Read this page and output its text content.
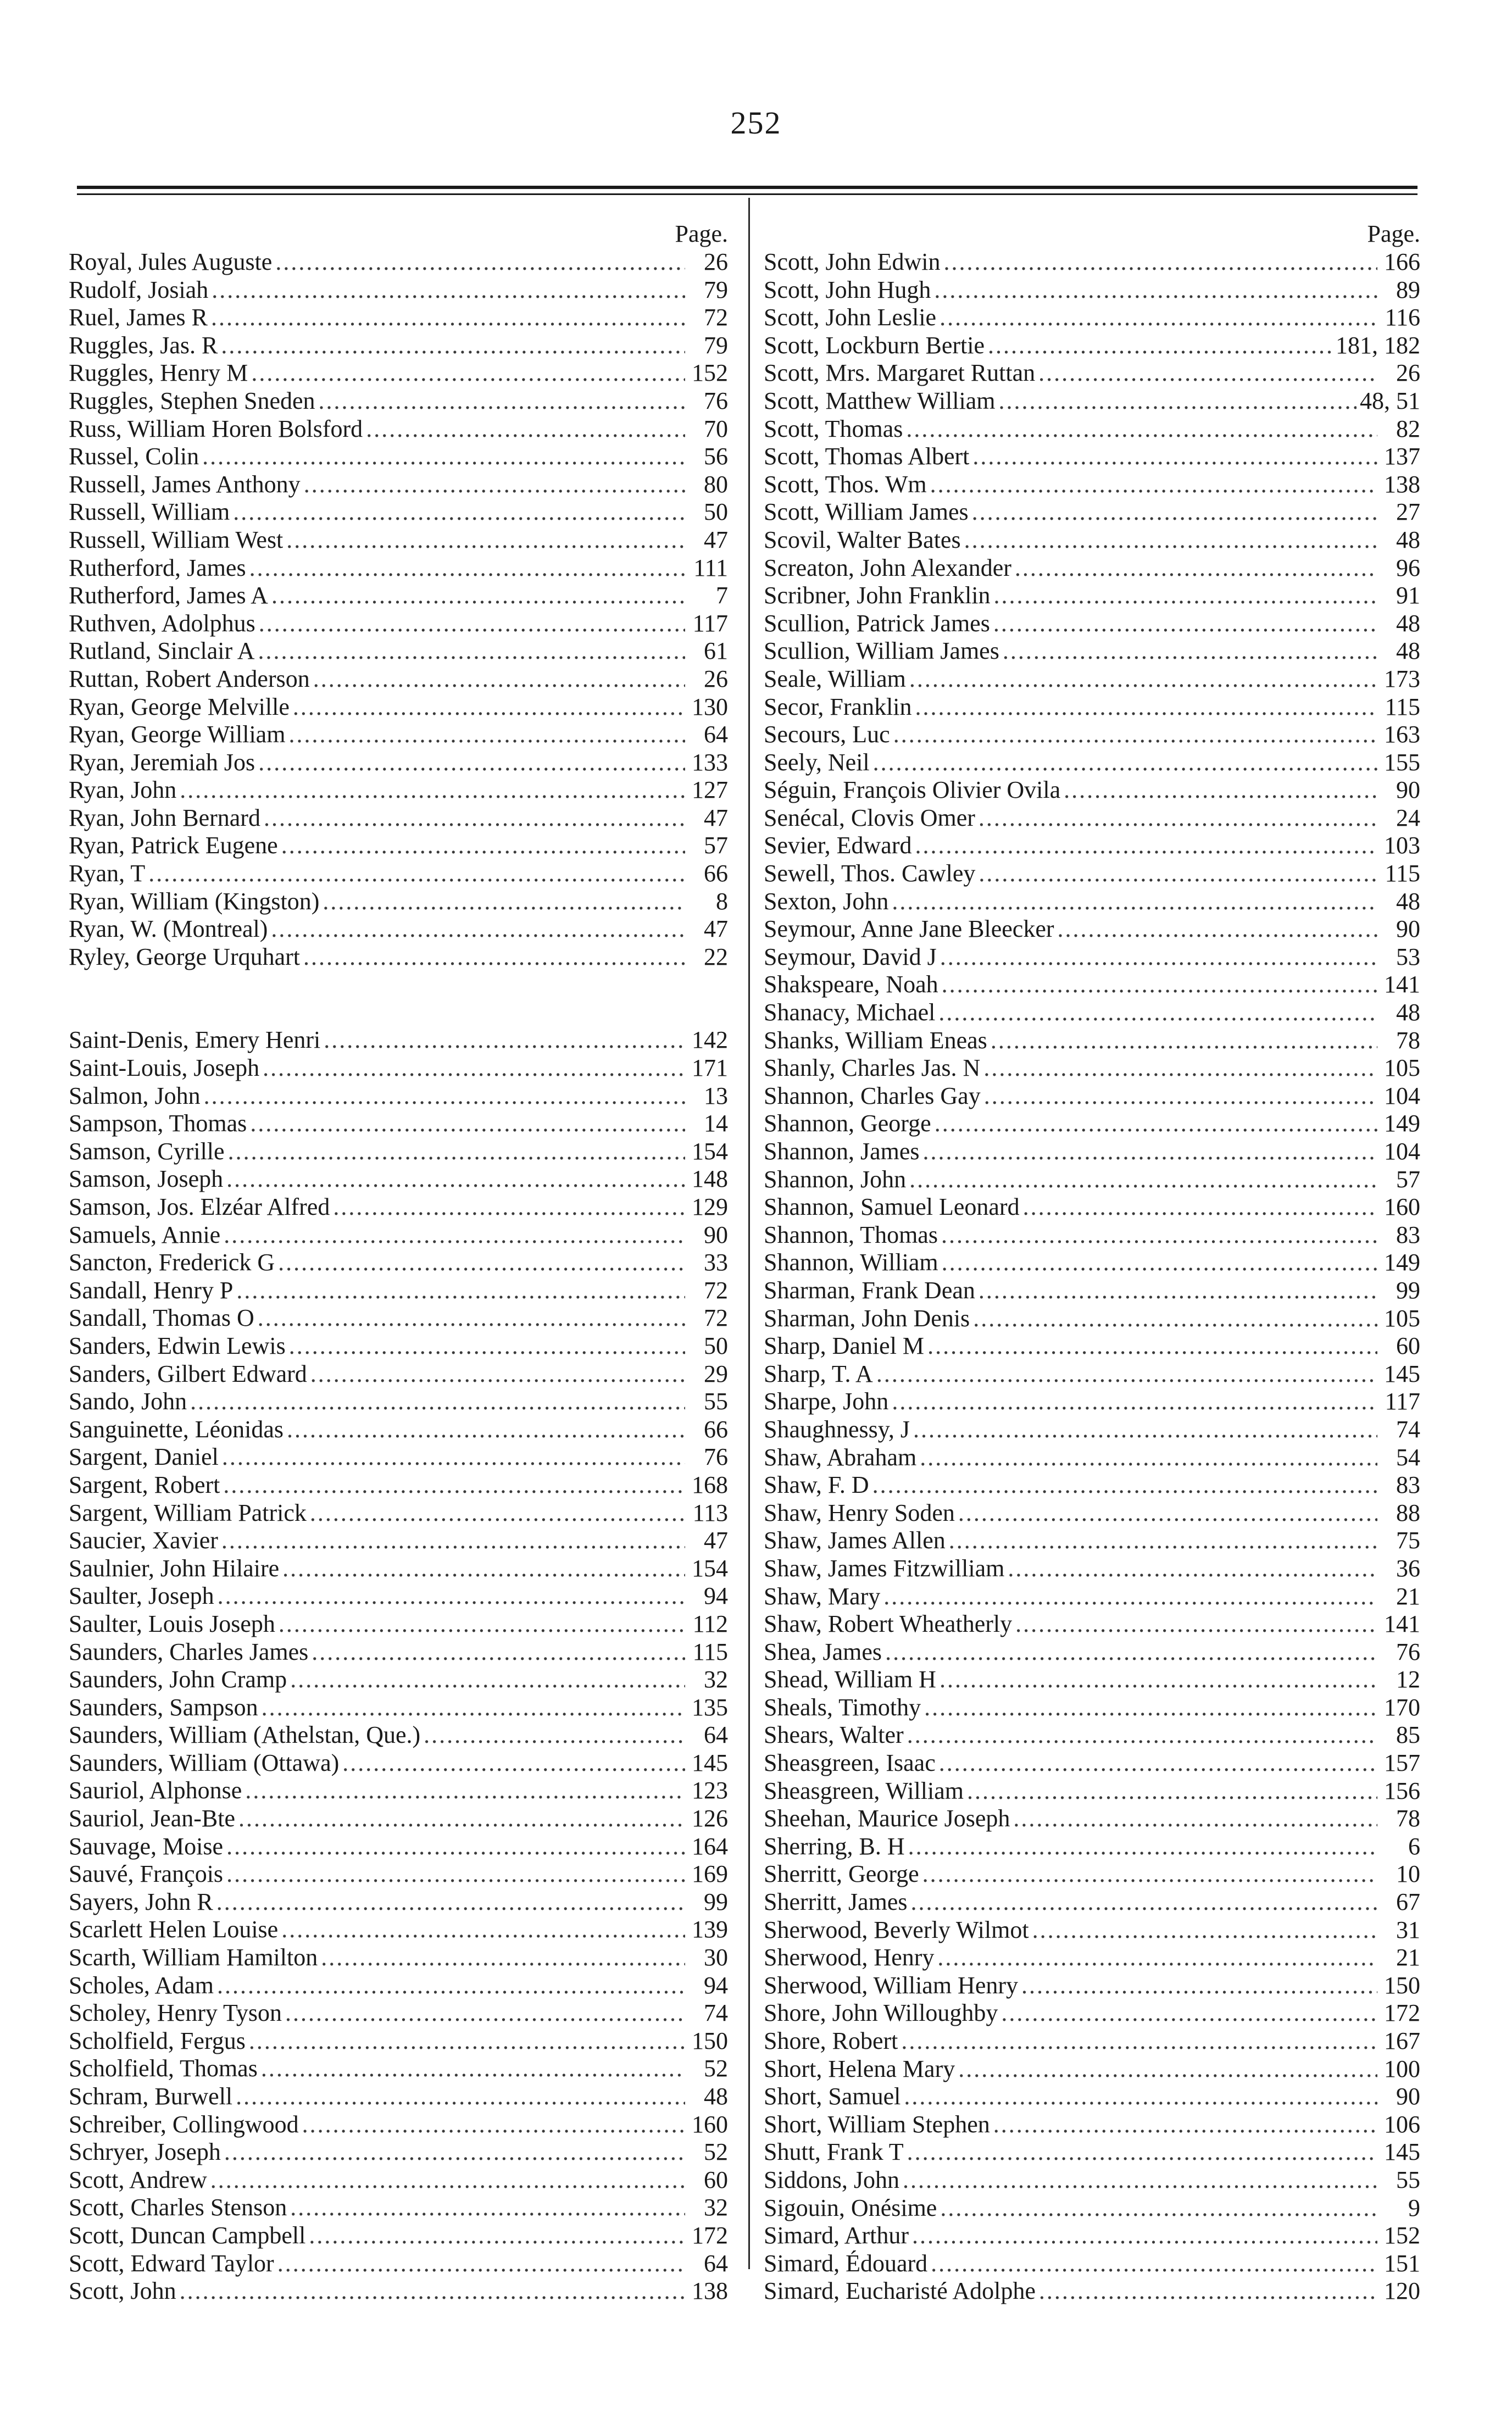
252
Page.
Royal, Jules Auguste .....	26
Rudolf, Josiah .....	79
Ruel, James R .....	72
Ruggles, Jas. R .....	79
Ruggles, Henry M .....	152
Ruggles, Stephen Sneden .....	76
Russ, William Horen Bolsford .....	70
Russel, Colin .....	56
Russell, James Anthony .....	80
Russell, William .....	50
Russell, William West .....	47
Rutherford, James .....	111
Rutherford, James A .....	7
Ruthven, Adolphus .....	117
Rutland, Sinclair A .....	61
Ruttan, Robert Anderson .....	26
Ryan, George Melville .....	130
Ryan, George William .....	64
Ryan, Jeremiah Jos .....	133
Ryan, John .....	127
Ryan, John Bernard .....	47
Ryan, Patrick Eugene .....	57
Ryan, T .....	66
Ryan, William (Kingston) .....	8
Ryan, W. (Montreal) .....	47
Ryley, George Urquhart .....	22
Saint-Denis, Emery Henri .....	142
Saint-Louis, Joseph .....	171
Salmon, John .....	13
Sampson, Thomas .....	14
Samson, Cyrille .....	154
Samson, Joseph .....	148
Samson, Jos. Elzéar Alfred .....	129
Samuels, Annie .....	90
Sancton, Frederick G .....	33
Sandall, Henry P .....	72
Sandall, Thomas O .....	72
Sanders, Edwin Lewis .....	50
Sanders, Gilbert Edward .....	29
Sando, John .....	55
Sanguinette, Léonidas .....	66
Sargent, Daniel .....	76
Sargent, Robert .....	168
Sargent, William Patrick .....	113
Saucier, Xavier .....	47
Saulnier, John Hilaire .....	154
Saulter, Joseph .....	94
Saulter, Louis Joseph .....	112
Saunders, Charles James .....	115
Saunders, John Cramp .....	32
Saunders, Sampson .....	135
Saunders, William (Athelstan, Que.) .....	64
Saunders, William (Ottawa) .....	145
Sauriol, Alphonse .....	123
Sauriol, Jean-Bte .....	126
Sauvage, Moise .....	164
Sauvé, François .....	169
Sayers, John R .....	99
Scarlett Helen Louise .....	139
Scarth, William Hamilton .....	30
Scholes, Adam .....	94
Scholey, Henry Tyson .....	74
Scholfield, Fergus .....	150
Scholfield, Thomas .....	52
Schram, Burwell .....	48
Schreiber, Collingwood .....	160
Schryer, Joseph .....	52
Scott, Andrew .....	60
Scott, Charles Stenson .....	32
Scott, Duncan Campbell .....	172
Scott, Edward Taylor .....	64
Scott, John .....	138
Page.
Scott, John Edwin .....	166
Scott, John Hugh .....	89
Scott, John Leslie .....	116
Scott, Lockburn Bertie .....	181, 182
Scott, Mrs. Margaret Ruttan .....	26
Scott, Matthew William .....	48, 51
Scott, Thomas .....	82
Scott, Thomas Albert .....	137
Scott, Thos. Wm .....	138
Scott, William James .....	27
Scovil, Walter Bates .....	48
Screaton, John Alexander .....	96
Scribner, John Franklin .....	91
Scullion, Patrick James .....	48
Scullion, William James .....	48
Seale, William .....	173
Secor, Franklin .....	115
Secours, Luc .....	163
Seely, Neil .....	155
Séguin, François Olivier Ovila .....	90
Senécal, Clovis Omer .....	24
Sevier, Edward .....	103
Sewell, Thos. Cawley .....	115
Sexton, John .....	48
Seymour, Anne Jane Bleecker .....	90
Seymour, David J .....	53
Shakspeare, Noah .....	141
Shanacy, Michael .....	48
Shanks, William Eneas .....	78
Shanly, Charles Jas. N .....	105
Shannon, Charles Gay .....	104
Shannon, George .....	149
Shannon, James .....	104
Shannon, John .....	57
Shannon, Samuel Leonard .....	160
Shannon, Thomas .....	83
Shannon, William .....	149
Sharman, Frank Dean .....	99
Sharman, John Denis .....	105
Sharp, Daniel M .....	60
Sharp, T. A .....	145
Sharpe, John .....	117
Shaughnessy, J .....	74
Shaw, Abraham .....	54
Shaw, F. D .....	83
Shaw, Henry Soden .....	88
Shaw, James Allen .....	75
Shaw, James Fitzwilliam .....	36
Shaw, Mary .....	21
Shaw, Robert Wheatherly .....	141
Shea, James .....	76
Shead, William H .....	12
Sheals, Timothy .....	170
Shears, Walter .....	85
Sheasgreen, Isaac .....	157
Sheasgreen, William .....	156
Sheehan, Maurice Joseph .....	78
Sherring, B. H .....	6
Sherritt, George .....	10
Sherritt, James .....	67
Sherwood, Beverly Wilmot .....	31
Sherwood, Henry .....	21
Sherwood, William Henry .....	150
Shore, John Willoughby .....	172
Shore, Robert .....	167
Short, Helena Mary .....	100
Short, Samuel .....	90
Short, William Stephen .....	106
Shutt, Frank T .....	145
Siddons, John .....	55
Sigouin, Onésime .....	9
Simard, Arthur .....	152
Simard, Édouard .....	151
Simard, Eucharisté Adolphe .....	120
